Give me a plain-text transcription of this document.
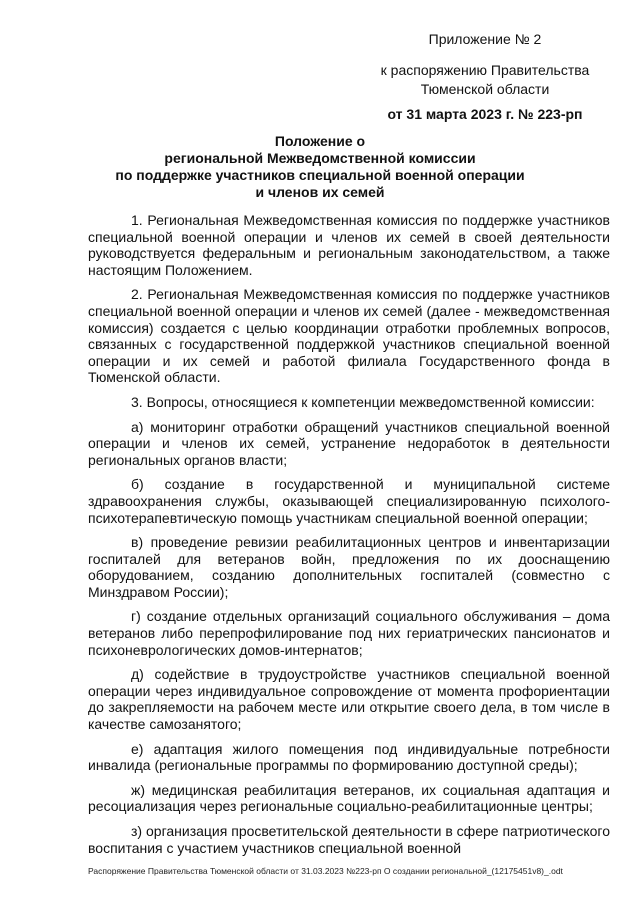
Приложение № 2
к распоряжению Правительства Тюменской области
от 31 марта 2023 г. № 223-рп
Положение о
региональной Межведомственной комиссии
по поддержке участников специальной военной операции
и членов их семей

1. Региональная Межведомственная комиссия по поддержке участников специальной военной операции и членов их семей в своей деятельности руководствуется федеральным и региональным законодательством, а также настоящим Положением.

2. Региональная Межведомственная комиссия по поддержке участников специальной военной операции и членов их семей (далее - межведомственная комиссия) создается с целью координации отработки проблемных вопросов, связанных с государственной поддержкой участников специальной военной операции и их семей и работой филиала Государственного фонда в Тюменской области.

3. Вопросы, относящиеся к компетенции межведомственной комиссии:

а) мониторинг отработки обращений участников специальной военной операции и членов их семей, устранение недоработок в деятельности региональных органов власти;

б) создание в государственной и муниципальной системе здравоохранения службы, оказывающей специализированную психолого-психотерапевтическую помощь участникам специальной военной операции;

в) проведение ревизии реабилитационных центров и инвентаризации госпиталей для ветеранов войн, предложения по их дооснащению оборудованием, созданию дополнительных госпиталей (совместно с Минздравом России);

г) создание отдельных организаций социального обслуживания – дома ветеранов либо перепрофилирование под них гериатрических пансионатов и психоневрологических домов-интернатов;

д) содействие в трудоустройстве участников специальной военной операции через индивидуальное сопровождение от момента профориентации до закрепляемости на рабочем месте или открытие своего дела, в том числе в качестве самозанятого;

е) адаптация жилого помещения под индивидуальные потребности инвалида (региональные программы по формированию доступной среды);

ж) медицинская реабилитация ветеранов, их социальная адаптация и ресоциализация через региональные социально-реабилитационные центры;

з) организация просветительской деятельности в сфере патриотического воспитания с участием участников специальной военной

Распоряжение Правительства Тюменской области от 31.03.2023 №223-рп О создании региональной_(12175451v8)_.odt
